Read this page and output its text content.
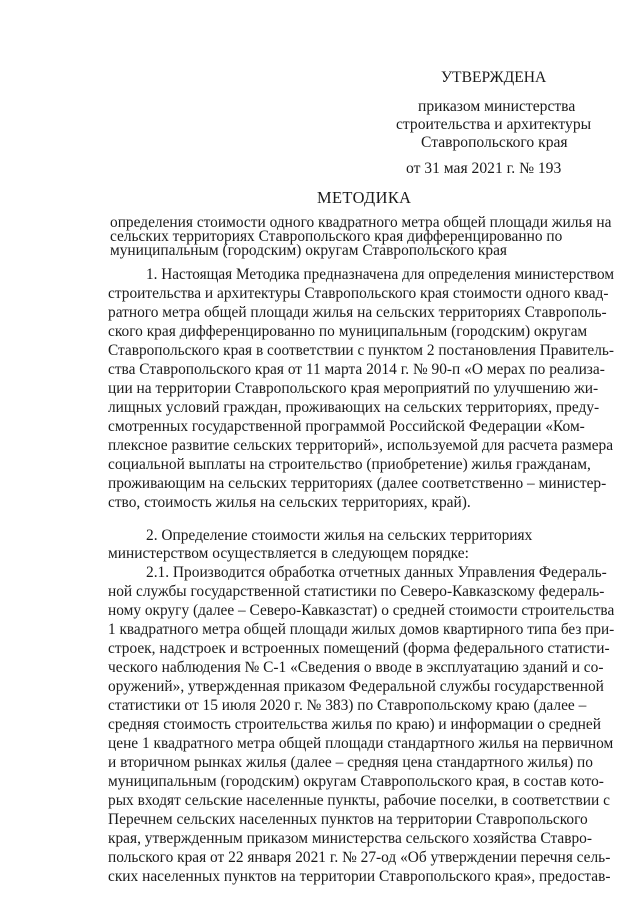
УТВЕРЖДЕНА
приказом министерства
строительства и архитектуры
Ставропольского края
от 31 мая 2021 г. № 193
МЕТОДИКА
определения стоимости одного квадратного метра общей площади жилья на
сельских территориях Ставропольского края дифференцированно по
муниципальным (городским) округам Ставропольского края
1. Настоящая Методика предназначена для определения министерством
строительства и архитектуры Ставропольского края стоимости одного квад-
ратного метра общей площади жилья на сельских территориях Ставрополь-
ского края дифференцированно по муниципальным (городским) округам
Ставропольского края в соответствии с пунктом 2 постановления Правитель-
ства Ставропольского края от 11 марта 2014 г. № 90-п «О мерах по реализа-
ции на территории Ставропольского края мероприятий по улучшению жи-
лищных условий граждан, проживающих на сельских территориях, преду-
смотренных государственной программой Российской Федерации «Ком-
плексное развитие сельских территорий», используемой для расчета размера
социальной выплаты на строительство (приобретение) жилья гражданам,
проживающим на сельских территориях (далее соответственно – министер-
ство, стоимость жилья на сельских территориях, край).
2. Определение стоимости жилья на сельских территориях
министерством осуществляется в следующем порядке:
2.1. Производится обработка отчетных данных Управления Федераль-
ной службы государственной статистики по Северо-Кавказскому федераль-
ному округу (далее – Северо-Кавказстат) о средней стоимости строительства
1 квадратного метра общей площади жилых домов квартирного типа без при-
строек, надстроек и встроенных помещений (форма федерального статисти-
ческого наблюдения № С-1 «Сведения о вводе в эксплуатацию зданий и со-
оружений», утвержденная приказом Федеральной службы государственной
статистики от 15 июля 2020 г. № 383) по Ставропольскому краю (далее –
средняя стоимость строительства жилья по краю) и информации о средней
цене 1 квадратного метра общей площади стандартного жилья на первичном
и вторичном рынках жилья (далее – средняя цена стандартного жилья) по
муниципальным (городским) округам Ставропольского края, в состав кото-
рых входят сельские населенные пункты, рабочие поселки, в соответствии с
Перечнем сельских населенных пунктов на территории Ставропольского
края, утвержденным приказом министерства сельского хозяйства Ставро-
польского края от 22 января 2021 г. № 27-од «Об утверждении перечня сель-
ских населенных пунктов на территории Ставропольского края», предостав-
